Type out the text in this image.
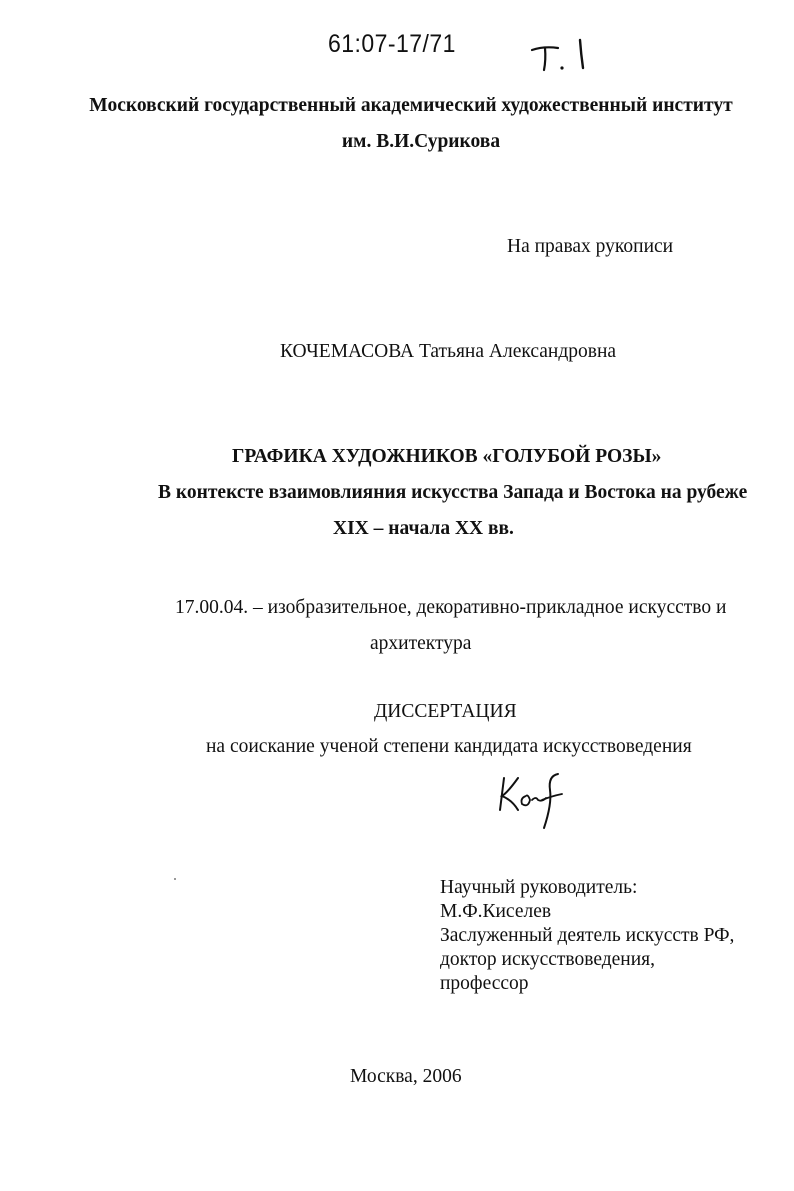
61:07-17/71
Московский государственный академический художественный институт
им. В.И.Сурикова
На правах рукописи
КОЧЕМАСОВА Татьяна Александровна
ГРАФИКА ХУДОЖНИКОВ «ГОЛУБОЙ РОЗЫ»
В контексте взаимовлияния искусства Запада и Востока на рубеже
XIX – начала XX вв.
17.00.04. – изобразительное, декоративно-прикладное искусство и
архитектура
ДИССЕРТАЦИЯ
на соискание ученой степени кандидата искусствоведения
Научный руководитель:
М.Ф.Киселев
Заслуженный деятель искусств РФ,
доктор искусствоведения,
профессор
Москва, 2006
